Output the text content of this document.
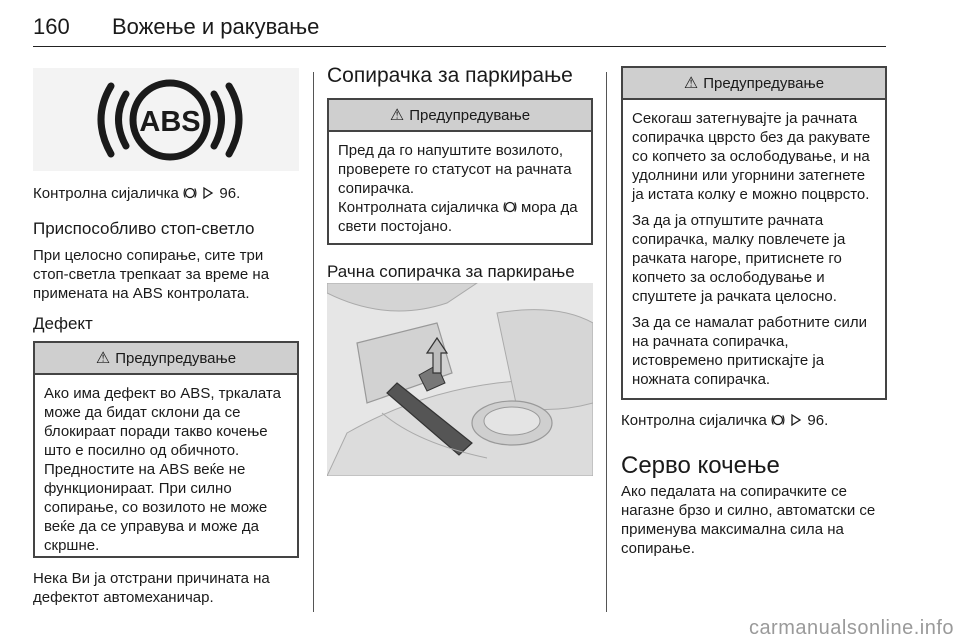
160 Вожење и ракување
ABS
Контролна сијаличка	96.
Приспособливо стоп-светло
При целосно сопирање, сите три стоп-светла трепкаат за време на примената на ABS контролата.
Дефект
⚠ Предупредување
Ако има дефект во ABS, тркалата може да бидат склони да се блокираат поради такво кочење што е посилно од обичното. Предностите на ABS веќе не функционираат. При силно сопирање, со возилото не може веќе да се управува и може да скршне.
Нека Ви ја отстрани причината на дефектот автомеханичар.
Сопирачка за паркирање
⚠ Предупредување
Пред да го напуштите возилото, проверете го статусот на рачната сопирачка.
Контролната сијаличка мора да свети постојано.
Рачна сопирачка за паркирање
⚠ Предупредување

Секогаш затегнувајте ја рачната сопирачка цврсто без да ракувате со копчето за ослободување, и на удолнини или угорнини затегнете ја истата колку е можно поцврсто.

За да ја отпуштите рачната сопирачка, малку повлечете ја рачката нагоре, притиснете го копчето за ослободување и спуштете ја рачката целосно.

За да се намалат работните сили на рачната сопирачка, истовремено притискајте ја ножната сопирачка.

Контролна сијаличка	96.
Серво кочење
Ако педалата на сопирачките се нагазне брзо и силно, автоматски се применува максимална сила на сопирање.
carmanualsonline.info
